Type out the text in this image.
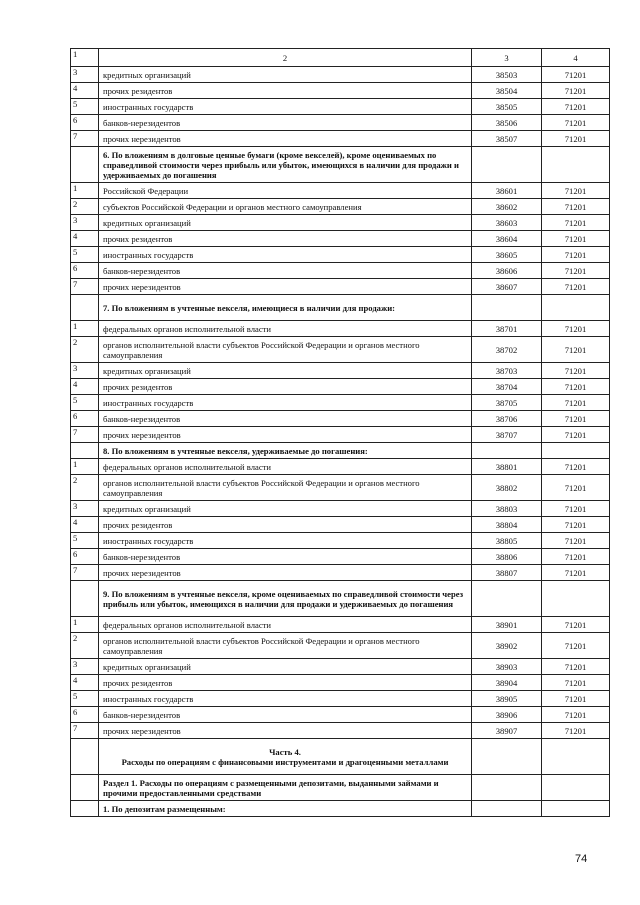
1	2	3	4
3	кредитных организаций	38503	71201
4	прочих резидентов	38504	71201
5	иностранных государств	38505	71201
6	банков-нерезидентов	38506	71201
7	прочих нерезидентов	38507	71201
	6. По вложениям в долговые ценные бумаги (кроме векселей), кроме оцениваемых по справедливой стоимости через прибыль или убыток, имеющихся в наличии для продажи и удерживаемых до погашения		
1	Российской Федерации	38601	71201
2	субъектов Российской Федерации и органов местного самоуправления	38602	71201
3	кредитных организаций	38603	71201
4	прочих резидентов	38604	71201
5	иностранных государств	38605	71201
6	банков-нерезидентов	38606	71201
7	прочих нерезидентов	38607	71201
	7. По вложениям в учтенные векселя, имеющиеся в наличии для продажи:		
1	федеральных органов исполнительной власти	38701	71201
2	органов исполнительной власти субъектов Российской Федерации и органов местного самоуправления	38702	71201
3	кредитных организаций	38703	71201
4	прочих резидентов	38704	71201
5	иностранных государств	38705	71201
6	банков-нерезидентов	38706	71201
7	прочих нерезидентов	38707	71201
	8. По вложениям в учтенные векселя, удерживаемые до погашения:		
1	федеральных органов исполнительной власти	38801	71201
2	органов исполнительной власти субъектов Российской Федерации и органов местного самоуправления	38802	71201
3	кредитных организаций	38803	71201
4	прочих резидентов	38804	71201
5	иностранных государств	38805	71201
6	банков-нерезидентов	38806	71201
7	прочих нерезидентов	38807	71201
	9. По вложениям в учтенные векселя, кроме оцениваемых по справедливой стоимости через прибыль или убыток, имеющихся в наличии для продажи и удерживаемых до погашения		
1	федеральных органов исполнительной власти	38901	71201
2	органов исполнительной власти субъектов Российской Федерации и органов местного самоуправления	38902	71201
3	кредитных организаций	38903	71201
4	прочих резидентов	38904	71201
5	иностранных государств	38905	71201
6	банков-нерезидентов	38906	71201
7	прочих нерезидентов	38907	71201
	Часть 4.
Расходы по операциям с финансовыми инструментами и драгоценными металлами		
	Раздел 1. Расходы по операциям с размещенными депозитами, выданными займами и прочими предоставленными средствами		
	1. По депозитам размещенным:		
74
